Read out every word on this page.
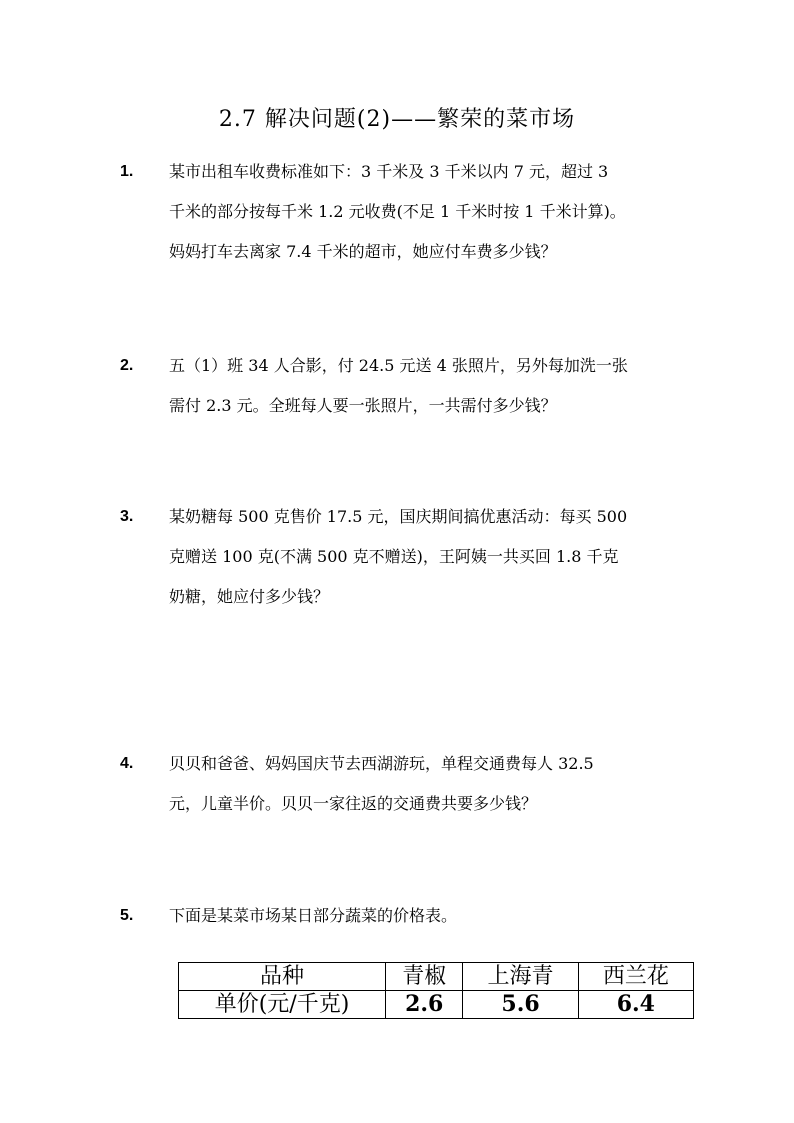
2.7 解决问题(2)——繁荣的菜市场
1. 某市出租车收费标准如下：3 千米及 3 千米以内 7 元，超过 3
千米的部分按每千米 1.2 元收费(不足 1 千米时按 1 千米计算)。
妈妈打车去离家 7.4 千米的超市，她应付车费多少钱？
2. 五（1）班 34 人合影，付 24.5 元送 4 张照片，另外每加洗一张
需付 2.3 元。全班每人要一张照片，一共需付多少钱？
3. 某奶糖每 500 克售价 17.5 元，国庆期间搞优惠活动：每买 500
克赠送 100 克(不满 500 克不赠送)，王阿姨一共买回 1.8 千克
奶糖，她应付多少钱？
4. 贝贝和爸爸、妈妈国庆节去西湖游玩，单程交通费每人 32.5
元，儿童半价。贝贝一家往返的交通费共要多少钱？
5. 下面是某菜市场某日部分蔬菜的价格表。
品种	青椒	上海青	西兰花
单价(元/千克)	2.6	5.6	6.4
